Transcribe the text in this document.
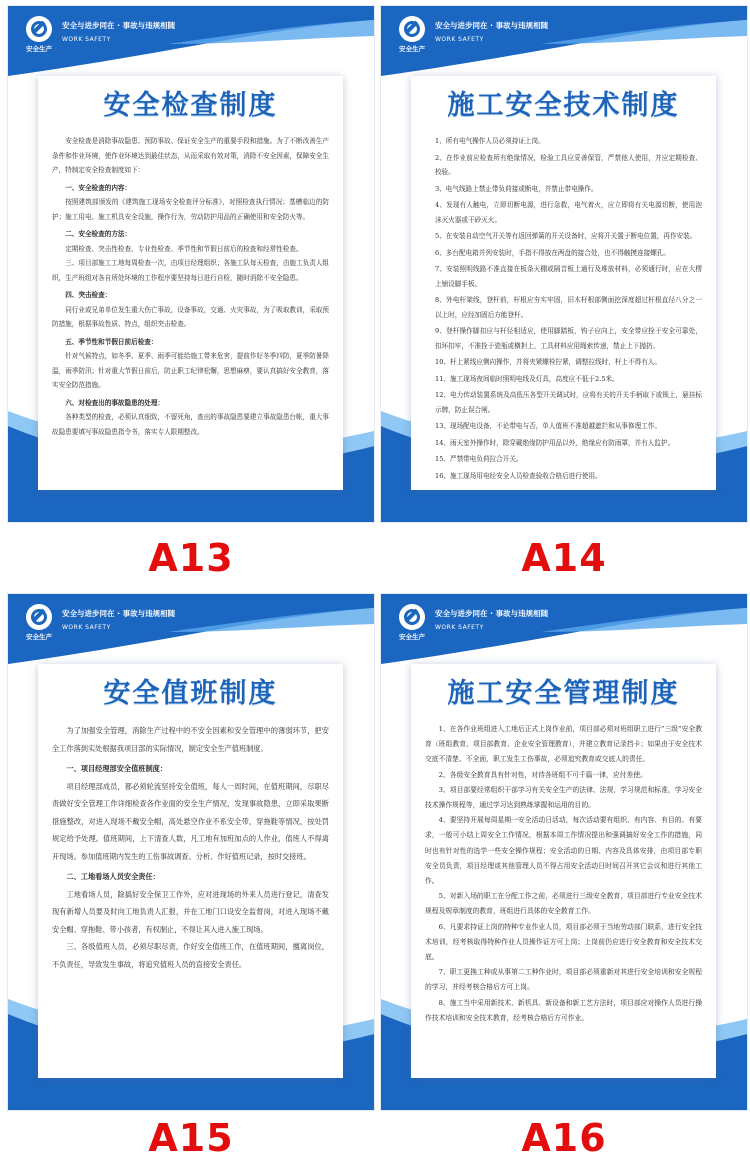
安全生产
安全与进步同在 · 事故与违规相随
WORK SAFETY
安全检查制度

安全检查是消除事故隐患、预防事故、保证安全生产的重要手段和措施。为了不断改善生产条件和作业环境，使作业环境达到最佳状态，从而采取有效对策，消除不安全因素，保障安全生产，特制定安全检查制度如下：

一、安全检查的内容：

按照建筑部颁发的《建筑施工现场安全检查评分标准》，对照检查执行情况；基槽临边的防护；施工用电、施工机具安全设施，操作行为，劳动防护用品的正确使用和安全防火等。

二、安全检查的方法：

定期检查、突击性检查、专业性检查、季节性和节假日前后的检查和经常性检查。

三、项目部施工工地每周检查一次，由项目经理组织；各施工队每天检查，由施工负责人组织，生产班组对各自所处环境的工作程序要坚持每日进行自检，随时消除不安全隐患。

四、突击检查：

同行业或兄弟单位发生重大伤亡事故，设备事故，交通、火灾事故，为了吸取教训，采取预防措施，根据事故性质、特点，组织突击检查。

五、季节性和节假日前后检查：

针对气候特点，如冬季、夏季、雨季可能给施工带来危害，提前作好冬季四防，夏季防暑降温，雨季防汛；针对重大节假日前后，防止职工纪律松懈，思想麻痹，要认真搞好安全教育，落实安全防范措施。

六、对检查出的事故隐患的处理：

各种类型的检查，必须认真细致，不留死角，查出的事故隐患要建立事故隐患台帐，重大事故隐患要填写事故隐患指令书，落实专人限期整改。

A13
安全生产
安全与进步同在 · 事故与违规相随
WORK SAFETY
施工安全技术制度

1、所有电气操作人员必须持证上岗。

2、在作业前应检查所有绝缘情况，检验工具应妥善保管，严禁他人使用，并应定期检查、校验。

3、电气线路上禁止带负荷接或断电，并禁止带电操作。

4、发现有人触电，立即切断电源，进行急救，电气着火，应立即将有关电源切断，使用泡沫灭火器或干砂灭火。

5、在安装自动空气开关等有返回弹簧的开关设备时，应将开关置于断电位置，再作安装。

6、多台配电箱并列安装时，手指不得放在两盘的接合处，也不得触摸连接螺孔。

7、安装照明线路不准直接在板条天棚或隔音板上通行及堆放材料，必须通行时，应在大楞上铺设脚手板。

8、外电杆架线，登杆前，杆根应夯实牢固，旧木杆根部侧面挖深度超过杆根直径八分之一以上时，应经加固后方能登杆。

9、登杆操作脚扣应与杆径相适应，使用脚踏板，钩子应向上，安全带应拴于安全可靠处，扣环扣牢，不准拴于瓷瓶或横担上，工具材料应用绳索传递，禁止上下抛扔。

10、杆上紧线应侧向操作，并将夹紧螺栓拧紧，调整拉线时，杆上不得有人。

11、施工现场夜间临时照明电线及灯具，高度应不低于2.5米。

12、电力传动装置系统及高低压各型开关调试时，应将有关的开关手柄取下或锁上，悬挂标示牌，防止误合闸。

13、现场配电设备，不论带电与否，单人值班不准超越遮拦和从事修理工作。

14、雨天室外操作时，除穿戴绝缘防护用品以外，绝缘应有防雨罩，并有人监护。

15、严禁带电负荷拉合开关。

16、施工现场用电经安全人员检查验收合格后进行使用。

A14
安全生产
安全与进步同在 · 事故与违规相随
WORK SAFETY
安全值班制度

为了加强安全管理，消除生产过程中的不安全因素和安全管理中的薄弱环节，把安全工作落到实处根据我项目部的实际情况，制定安全生产值班制度。

一、项目经理部安全值班制度：

项目经理部成员，都必须轮流坚持安全值班，每人一周时间，在值班期间，尽职尽责做好安全管理工作详细检查各作业面的安全生产情况，发现事故隐患，立即采取果断措施整改，对进入现场不戴安全帽，高处悬空作业不系安全带，穿拖鞋等情况，按处罚规定给予处理。值班期间，上下清查人数，凡工地有加班加点的人作业，值班人不得离开现场。参加值班期内发生的工伤事故调查、分析、作好值班记录，按时交接班。

二、工地看场人员安全责任：

工地看场人员，除搞好安全保卫工作外，应对进现场的外来人员进行登记，清查发现有新增人员要及时向工地负责人汇报，并在工地门口设安全监督岗，对进入现场不戴安全帽、穿拖鞋、带小孩者，有权制止，不得让其入进入施工现场。

三、各级值班人员，必须尽职尽责，作好安全值班工作，在值班期间，擅离岗位，不负责任，导致发生事故，将追究值班人员的直接安全责任。

A15
安全生产
安全与进步同在 · 事故与违规相随
WORK SAFETY
施工安全管理制度

1、在各作业班组进入工地后正式上岗作业前，项目部必须对班组职工进行“三级”安全教育（班组教育、项目部教育、企业安全管理教育），并建立教育记录挡卡；如果由于安全技术交底不清楚、不全面，职工发生工伤事故，必须追究教育或交底人的责任。

2、各级安全教育具有针对性，对待各班组不可千篇一律，应付差使。

3、项目部要经常组织干部学习有关安全生产的法律、法规，学习规范和标准，学习安全技术操作规程等，通过学习达到熟练掌握和运用的目的。

4、要坚持开展每周星期一安全活动日活动，每次活动要有组织、有内容、有目的、有要求，一般可小结上周安全工作情况，根据本周工作情况提出和强调搞好安全工作的措施，同时也有针对性的选学一些安全操作规程；安全活动的日期、内容及具体安排，由项目部专职安全员负责，项目经理或其他管理人员不得占用安全活动日时间召开其它会议和进行其他工作。

5、对新入场的职工在分配工作之前，必须进行三级安全教育，项目部进行专业安全技术规程及规章制度的教育，班组进行具体的安全教育工作。

6、凡要求持证上岗的特种专业作业人员，项目部必须于当地劳动部门联系，进行安全技术培训，经考核取得特种作业人员操作证方可上岗；上岗前仍应进行安全教育和安全技术交底。

7、职工更换工种或从事第二工种作业时，项目部必须重新对其进行安全培训和安全规程的学习，并经考核合格后方可上岗。

8、施工当中采用新技术、新机具、新设备和新工艺方法时，项目部应对操作人员进行操作技术培训和安全技术教育，经考核合格后方可作业。

A16
